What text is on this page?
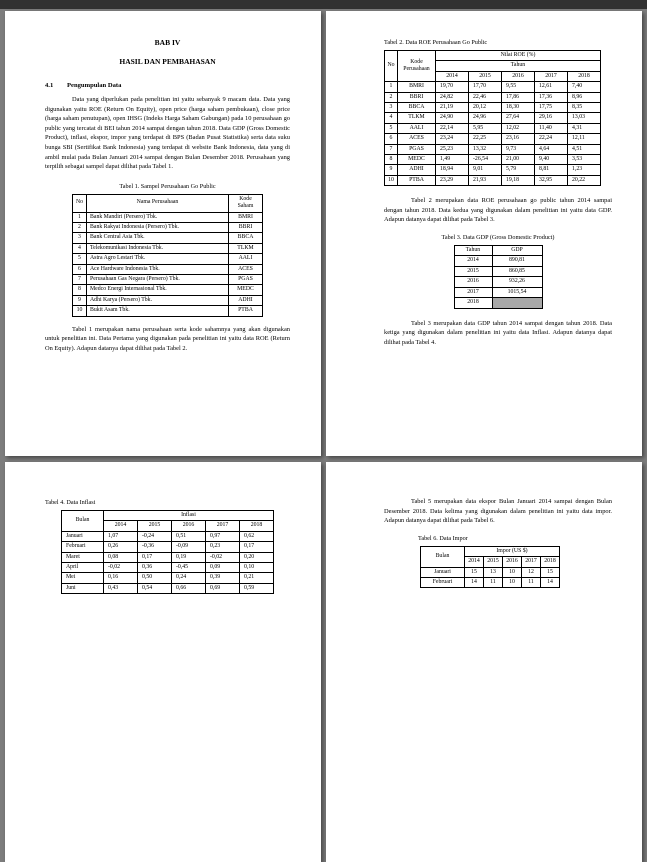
BAB IV
HASIL DAN PEMBAHASAN
4.1 Pengumpulan Data
Data yang diperlukan pada penelitian ini yaitu sebanyak 9 macam data. Data yang digunakan yaitu ROE (Return On Equity), open price (harga saham pembukaan), close price (harga saham penutupan), open IHSG (Indeks Harga Saham Gabungan) pada 10 perusahaan go public yang tercatat di BEI tahun 2014 sampai dengan tahun 2018. Data GDP (Gross Domestic Product), inflasi, ekspor, impor yang terdapat di BPS (Badan Pusat Statistika) serta data suku bunga SBI (Sertifikat Bank Indonesia) yang terdapat di website Bank Indonesia, data yang di ambil mulai pada Bulan Januari 2014 sampai dengan Bulan Desember 2018. Perusahaan yang terpilih sebagai sampel dapat dilihat pada Tabel 1.
Tabel 1. Sampel Perusahaan Go Public
No	Nama Perusahaan	Kode Saham
1	Bank Mandiri (Persero) Tbk.	BMRI
2	Bank Rakyat Indonesia (Persero) Tbk.	BBRI
3	Bank Central Asia Tbk.	BBCA
4	Telekomunikasi Indonesia Tbk.	TLKM
5	Astra Agro Lestari Tbk.	AALI
6	Ace Hardware Indonesia Tbk.	ACES
7	Perusahaan Gas Negara (Persero) Tbk.	PGAS
8	Medco Energi Internasional Tbk.	MEDC
9	Adhi Karya (Persero) Tbk.	ADHI
10	Bukit Asam Tbk.	PTBA
Tabel 1 merupakan nama perusahaan serta kode sahamnya yang akan digunakan untuk penelitian ini. Data Pertama yang digunakan pada penelitian ini yaitu data ROE (Return On Equity). Adapun datanya dapat dilihat pada Tabel 2.
Tabel 2. Data ROE Perusahaan Go Public
No	Kode Perusahaan	Nilai ROE (%)				
		Tahun				
		2014	2015	2016	2017	2018
1	BMRI	19,70	17,70	9,55	12,61	7,40
2	BBRI	24,82	22,46	17,86	17,36	8,96
3	BBCA	21,19	20,12	18,30	17,75	8,35
4	TLKM	24,90	24,96	27,64	29,16	13,03
5	AALI	22,14	5,95	12,02	11,40	4,31
6	ACES	23,24	22,25	23,16	22,24	12,11
7	PGAS	25,23	13,32	9,73	4,64	4,51
8	MEDC	1,49	-26,54	21,00	9,40	3,53
9	ADHI	18,94	9,01	5,79	8,81	1,23
10	PTBA	23,29	21,93	19,18	32,95	20,22
Tabel 2 merupakan data ROE perusahaan go public tahun 2014 sampai dengan tahun 2018. Data kedua yang digunakan dalam penelitian ini yaitu data GDP. Adapun datanya dapat dilihat pada Tabel 3.
Tabel 3. Data GDP (Gross Domestic Product)
Tahun	GDP
2014	890,81
2015	860,85
2016	932,26
2017	1015,54
2018	
Tabel 3 merupakan data GDP tahun 2014 sampai dengan tahun 2018. Data ketiga yang digunakan dalam penelitian ini yaitu data Inflasi. Adapun datanya dapat dilihat pada Tabel 4.
Tabel 4. Data Inflasi
Bulan	Inflasi				
	2014	2015	2016	2017	2018
Januari	1,07	-0,24	0,51	0,97	0,62
Februari	0,26	-0,36	-0,09	0,23	0,17
Maret	0,08	0,17	0,19	-0,02	0,20
April	-0,02	0,36	-0,45	0,09	0,10
Mei	0,16	0,50	0,24	0,39	0,21
Juni	0,43	0,54	0,66	0,69	0,59
Tabel 5 merupakan data ekspor Bulan Januari 2014 sampai dengan Bulan Desember 2018. Data kelima yang digunakan dalam penelitian ini yaitu data impor. Adapun datanya dapat dilihat pada Tabel 6.
Tabel 6. Data Impor
Bulan	Impor (US $)				
	2014	2015	2016	2017	2018
Januari	15	13	10	12	15
Februari	14	11	10	11	14
